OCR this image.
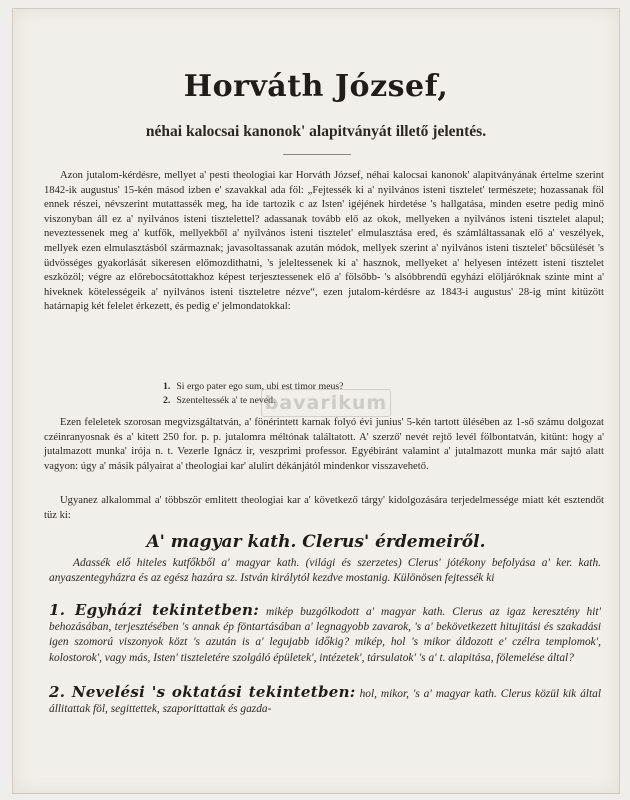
Horváth József,
néhai kalocsai kanonok' alapitványát illető jelentés.
Azon jutalom-kérdésre, mellyet a' pesti theologiai kar Horváth József, néhai kalocsai kanonok' alapitványának értelme szerint 1842-ik augustus' 15-kén másod izben e' szavakkal ada föl: „Fejtessék ki a' nyilvános isteni tisztelet' természete; hozassanak föl ennek részei, névszerint mutattassék meg, ha ide tartozik c az Isten' igéjének hirdetése 's hallgatása, minden esetre pedig minő viszonyban áll ez a' nyilvános isteni tisztelettel? adassanak tovább elő az okok, mellyeken a nyilvános isteni tisztelet alapul; neveztessenek meg a' kutfők, mellyekből a' nyilvános isteni tisztelet' elmulasztása ered, és számláltassanak elő a' veszélyek, mellyek ezen elmulasztásból származnak; javasoltassanak azután módok, mellyek szerint a' nyilvános isteni tisztelet' bőcsülését 's üdvösséges gyakorlását sikeresen előmozdithatni, 's jeleltessenek ki a' hasznok, mellyeket a' helyesen intézett isteni tisztelet eszközöl; végre az előrebocsátottakhoz képest terjesztessenek elő a' fölsőbb- 's alsóbbrendű egyházi elöljáróknak szinte mint a' hiveknek kötelességeik a' nyilvános isteni tiszteletre nézve“, ezen jutalom-kérdésre az 1843-i augustus' 28-ig mint kitüzött határnapig két felelet érkezett, és pedig e' jelmondatokkal:
1. Si ergo pater ego sum, ubi est timor meus?
2. Szenteltessék a' te neved.
bavarikum
Ezen feleletek szorosan megvizsgáltatván, a' fönérintett karnak folyó évi junius' 5-kén tartott ülésében az 1-ső számu dolgozat czéinranyosnak és a' kitett 250 for. p. p. jutalomra méltónak találtatott. A' szerző' nevét rejtő levél fölbontatván, kitünt: hogy a' jutalmazott munka' irója n. t. Vezerle Ignácz ir, veszprimi professor. Egyébiránt valamint a' jutalmazott munka már sajtó alatt vagyon: úgy a' másik pályairat a' theologiai kar' alulirt dékánjától mindenkor visszavehető.
Ugyanez alkalommal a' többször emlitett theologiai kar a' következő tárgy' kidolgozására terjedelmessége miatt két esztendőt tüz ki:
A' magyar kath. Clerus' érdemeiről.
Adassék elő hiteles kutfőkből a' magyar kath. (világi és szerzetes) Clerus' jótékony befolyása a' ker. kath. anyaszentegyházra és az egész hazára sz. István királytól kezdve mostanig. Különösen fejtessék ki
1. Egyházi tekintetben: mikép buzgólkodott a' magyar kath. Clerus az igaz keresztény hit' behozásában, terjesztésében 's annak ép föntartásában a' legnagyobb zavarok, 's a' bekövetkezett hitujitási és szakadási igen szomorú viszonyok közt 's azután is a' legujabb időkig? mikép, hol 's mikor áldozott e' czélra templomok', kolostorok', vagy más, Isten' tiszteletére szolgáló épületek', intézetek', társulatok' 's a' t. alapitása, fölemelése által?
2. Nevelési 's oktatási tekintetben: hol, mikor, 's a' magyar kath. Clerus közül kik által állitattak föl, segittettek, szaporittattak és gazda-
